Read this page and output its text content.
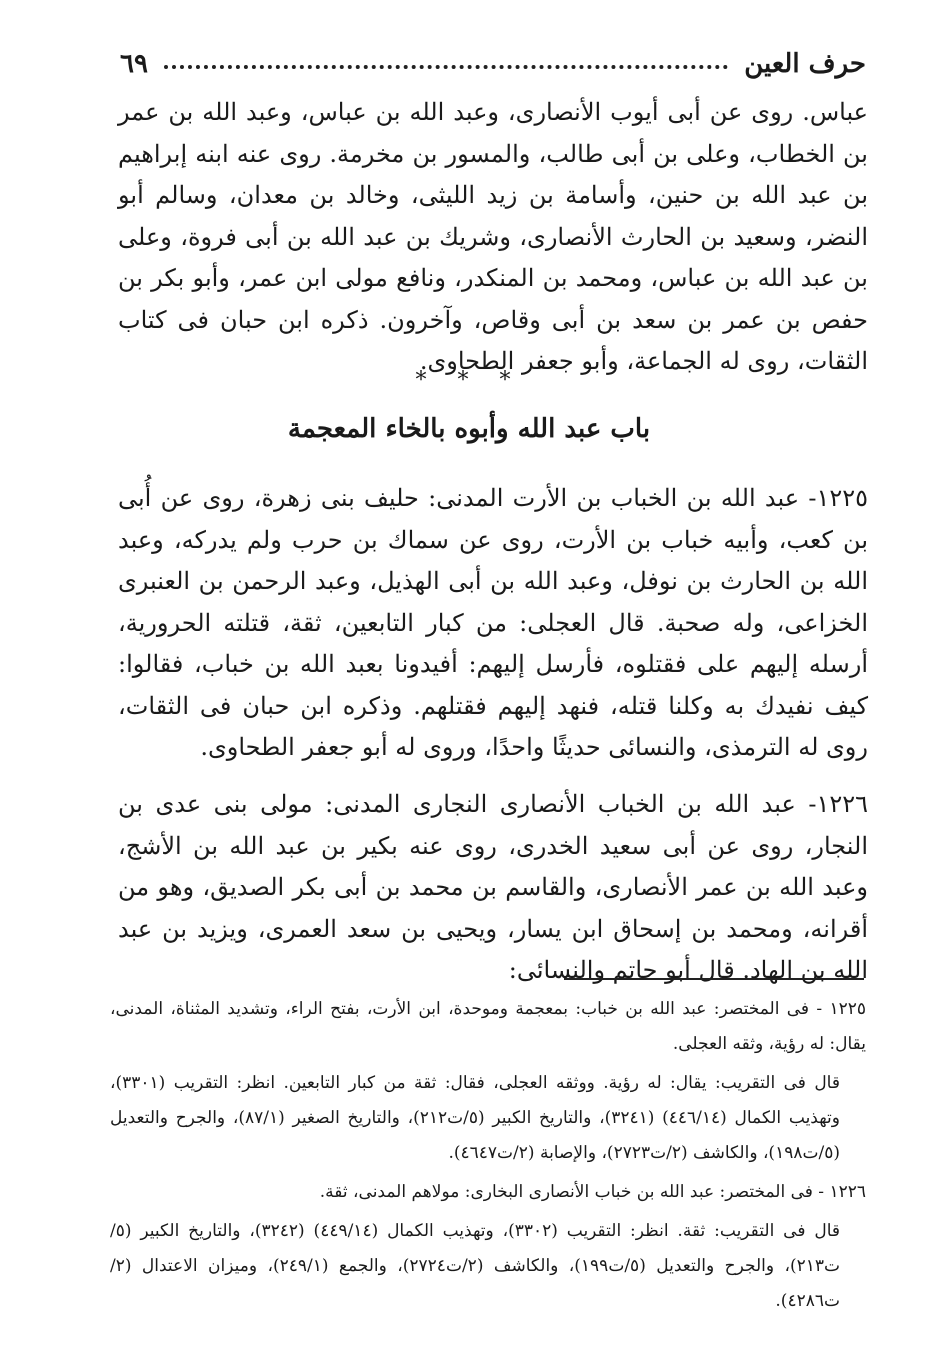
حرف العين
٦٩
عباس. روى عن أبى أيوب الأنصارى، وعبد الله بن عباس، وعبد الله بن عمر بن الخطاب، وعلى بن أبى طالب، والمسور بن مخرمة. روى عنه ابنه إبراهيم بن عبد الله بن حنين، وأسامة بن زيد الليثى، وخالد بن معدان، وسالم أبو النضر، وسعيد بن الحارث الأنصارى، وشريك بن عبد الله بن أبى فروة، وعلى بن عبد الله بن عباس، ومحمد بن المنكدر، ونافع مولى ابن عمر، وأبو بكر بن حفص بن عمر بن سعد بن أبى وقاص، وآخرون. ذكره ابن حبان فى كتاب الثقات، روى له الجماعة، وأبو جعفر الطحاوى.
* * *
باب عبد الله وأبوه بالخاء المعجمة
١٢٢٥- عبد الله بن الخباب بن الأرت المدنى: حليف بنى زهرة، روى عن أُبى بن كعب، وأبيه خباب بن الأرت، روى عن سماك بن حرب ولم يدركه، وعبد الله بن الحارث بن نوفل، وعبد الله بن أبى الهذيل، وعبد الرحمن بن العنبرى الخزاعى، وله صحبة. قال العجلى: من كبار التابعين، ثقة، قتلته الحرورية، أرسله إليهم على فقتلوه، فأرسل إليهم: أفيدونا بعبد الله بن خباب، فقالوا: كيف نفيدك به وكلنا قتله، فنهد إليهم فقتلهم. وذكره ابن حبان فى الثقات، روى له الترمذى، والنسائى حديثًا واحدًا، وروى له أبو جعفر الطحاوى.
١٢٢٦- عبد الله بن الخباب الأنصارى النجارى المدنى: مولى بنى عدى بن النجار، روى عن أبى سعيد الخدرى، روى عنه بكير بن عبد الله بن الأشج، وعبد الله بن عمر الأنصارى، والقاسم بن محمد بن أبى بكر الصديق، وهو من أقرانه، ومحمد بن إسحاق ابن يسار، ويحيى بن سعد العمرى، ويزيد بن عبد الله بن الهاد. قال أبو حاتم والنسائى:

١٢٢٥ - فى المختصر: عبد الله بن خباب: بمعجمة وموحدة، ابن الأرت، بفتح الراء، وتشديد المثناة، المدنى، يقال: له رؤية، وثقه العجلى.

قال فى التقريب: يقال: له رؤية. ووثقه العجلى، فقال: ثقة من كبار التابعين. انظر: التقريب (٣٣٠١)، وتهذيب الكمال (٤٤٦/١٤) (٣٢٤١)، والتاريخ الكبير (٥/ت٢١٢)، والتاريخ الصغير (٨٧/١)، والجرح والتعديل (٥/ت١٩٨)، والكاشف (٢/ت٢٧٢٣)، والإصابة (٢/ت٤٦٤٧).

١٢٢٦ - فى المختصر: عبد الله بن خباب الأنصارى البخارى: مولاهم المدنى، ثقة.

قال فى التقريب: ثقة. انظر: التقريب (٣٣٠٢)، وتهذيب الكمال (٤٤٩/١٤) (٣٢٤٢)، والتاريخ الكبير (٥/ت٢١٣)، والجرح والتعديل (٥/ت١٩٩)، والكاشف (٢/ت٢٧٢٤)، والجمع (٢٤٩/١)، وميزان الاعتدال (٢/ت٤٢٨٦).
